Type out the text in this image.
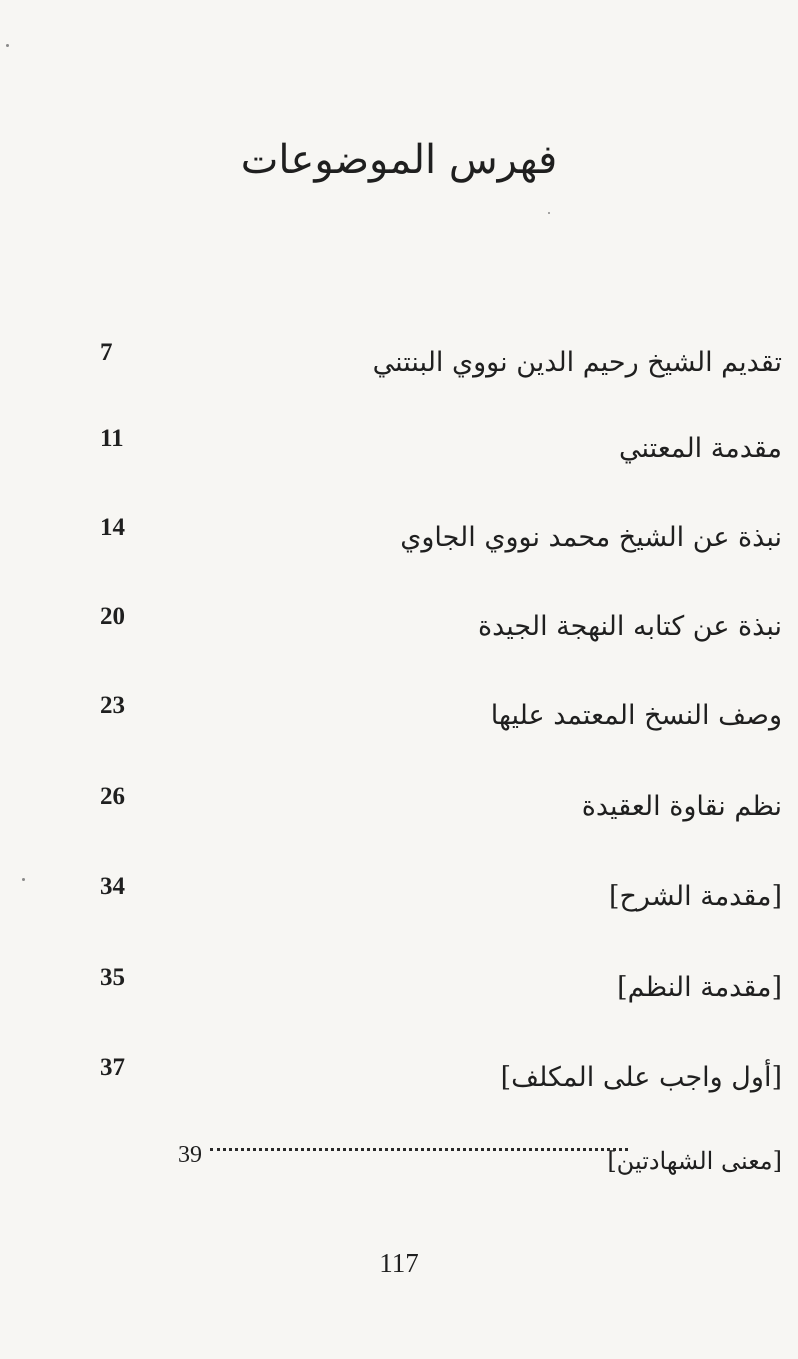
فهرس الموضوعات
تقديم الشيخ رحيم الدين نووي البنتني
7
مقدمة المعتني
11
نبذة عن الشيخ محمد نووي الجاوي
14
نبذة عن كتابه النهجة الجيدة
20
وصف النسخ المعتمد عليها
23
نظم نقاوة العقيدة
26
[مقدمة الشرح]
34
[مقدمة النظم]
35
[أول واجب على المكلف]
37
[معنى الشهادتين]
39
117
